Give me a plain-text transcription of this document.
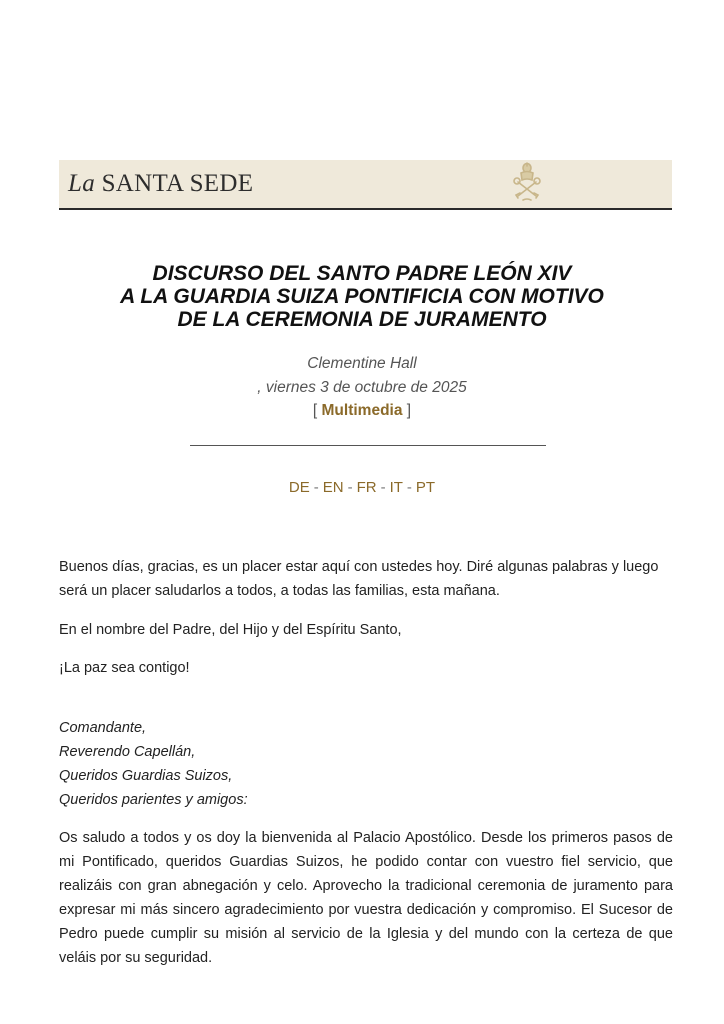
La SANTA SEDE
DISCURSO DEL SANTO PADRE LEÓN XIV
A LA GUARDIA SUIZA PONTIFICIA CON MOTIVO
DE LA CEREMONIA DE JURAMENTO
Clementine Hall
, viernes 3 de octubre de 2025
[ Multimedia ]
DE - EN - FR - IT - PT

Buenos días, gracias, es un placer estar aquí con ustedes hoy. Diré algunas palabras y luego será un placer saludarlos a todos, a todas las familias, esta mañana.

En el nombre del Padre, del Hijo y del Espíritu Santo,

¡La paz sea contigo!

Comandante,
Reverendo Capellán,
Queridos Guardias Suizos,
Queridos parientes y amigos:

Os saludo a todos y os doy la bienvenida al Palacio Apostólico. Desde los primeros pasos de mi Pontificado, queridos Guardias Suizos, he podido contar con vuestro fiel servicio, que realizáis con gran abnegación y celo. Aprovecho la tradicional ceremonia de juramento para expresar mi más sincero agradecimiento por vuestra dedicación y compromiso. El Sucesor de Pedro puede cumplir su misión al servicio de la Iglesia y del mundo con la certeza de que veláis por su seguridad.
